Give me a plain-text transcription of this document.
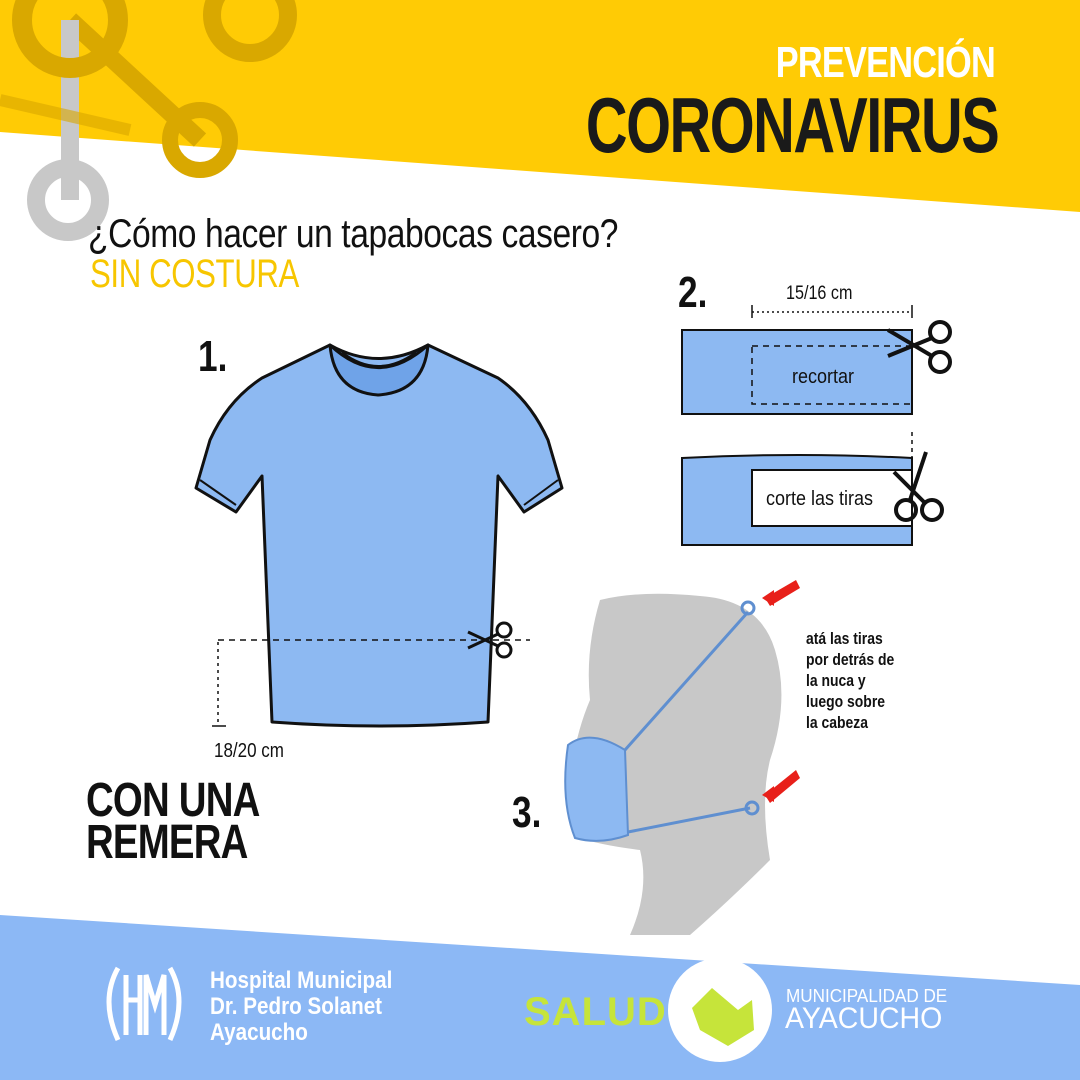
PREVENCIÓN
CORONAVIRUS
¿Cómo hacer un tapabocas casero?
SIN COSTURA
1.
18/20 cm
2.	15/16 cm
recortar
corte las tiras
3.
atá las tiras
por detrás de
la nuca y
luego sobre
la cabeza
CON UNA
REMERA
Hospital Municipal
Dr. Pedro Solanet
Ayacucho	SALUD	MUNICIPALIDAD DE
AYACUCHO
